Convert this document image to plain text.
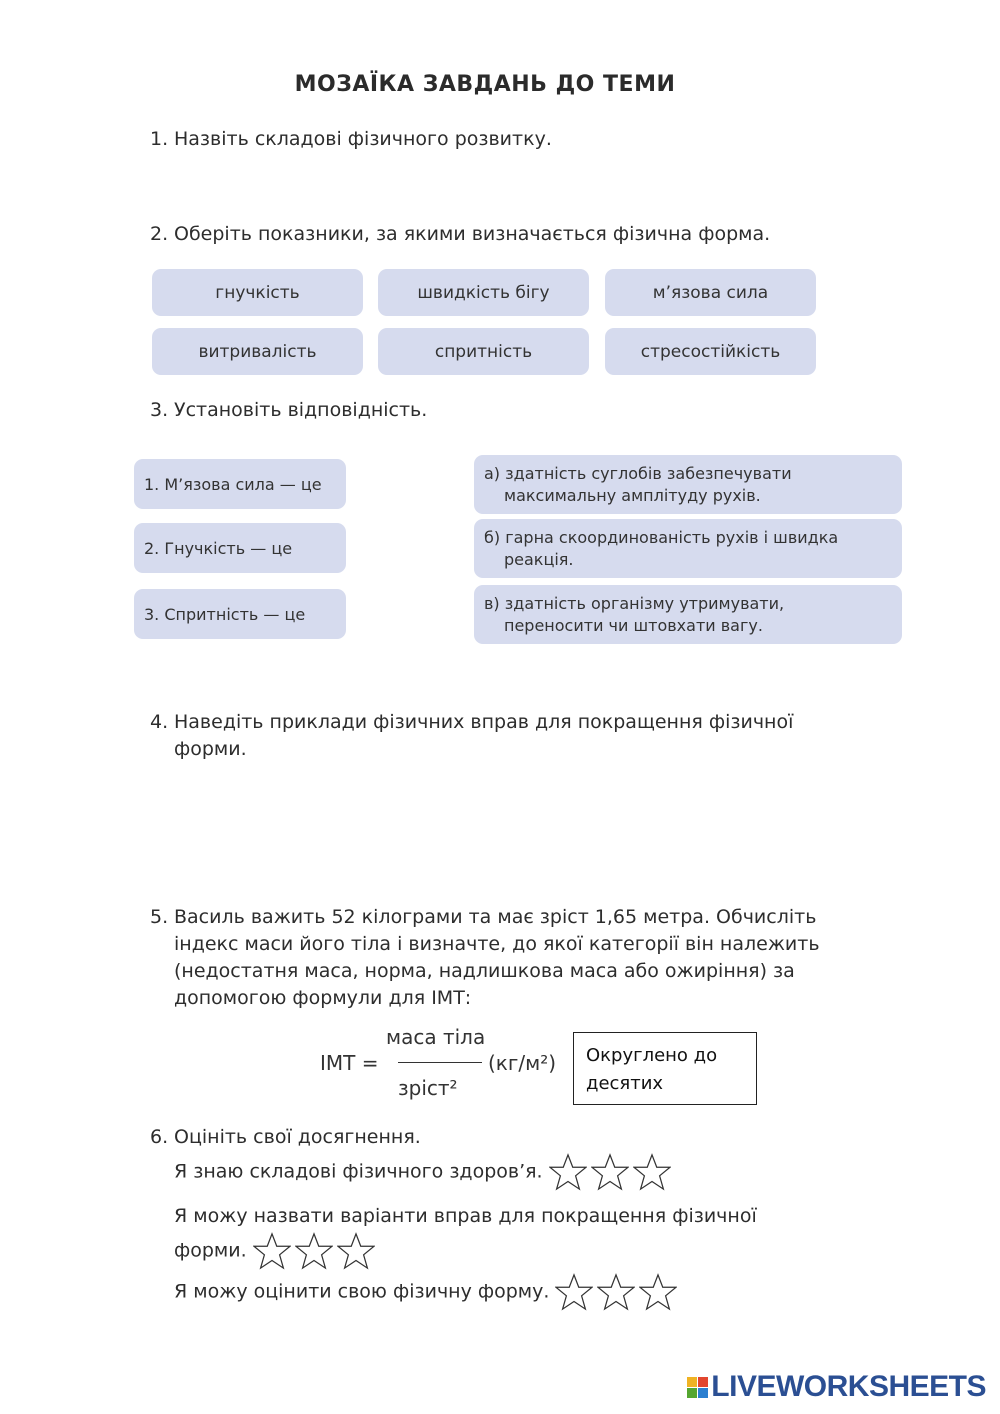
МОЗАЇКА ЗАВДАНЬ ДО ТЕМИ
1. Назвіть складові фізичного розвитку.
2. Оберіть показники, за якими визначається фізична форма.
гнучкість	швидкість бігу	м’язова сила
витривалість	спритність	стресостійкість
3. Установіть відповідність.
1. М’язова сила — це
2. Гнучкість — це
3. Спритність — це
а) здатність суглобів забезпечувати
максимальну амплітуду рухів.
б) гарна скоординованість рухів і швидка
реакція.
в) здатність організму утримувати,
переносити чи штовхати вагу.
4. Наведіть приклади фізичних вправ для покращення фізичної
форми.
5. Василь важить 52 кілограми та має зріст 1,65 метра. Обчисліть
індекс маси його тіла і визначте, до якої категорії він належить
(недостатня маса, норма, надлишкова маса або ожиріння) за
допомогою формули для ІМТ:
ІМТ =
маса тіла
зріст²
(кг/м²) Округлено до
десятих
6. Оцініть свої досягнення.
Я знаю складові фізичного здоров’я.
Я можу назвати варіанти вправ для покращення фізичної
форми.
Я можу оцінити свою фізичну форму.
LIVEWORKSHEETS
